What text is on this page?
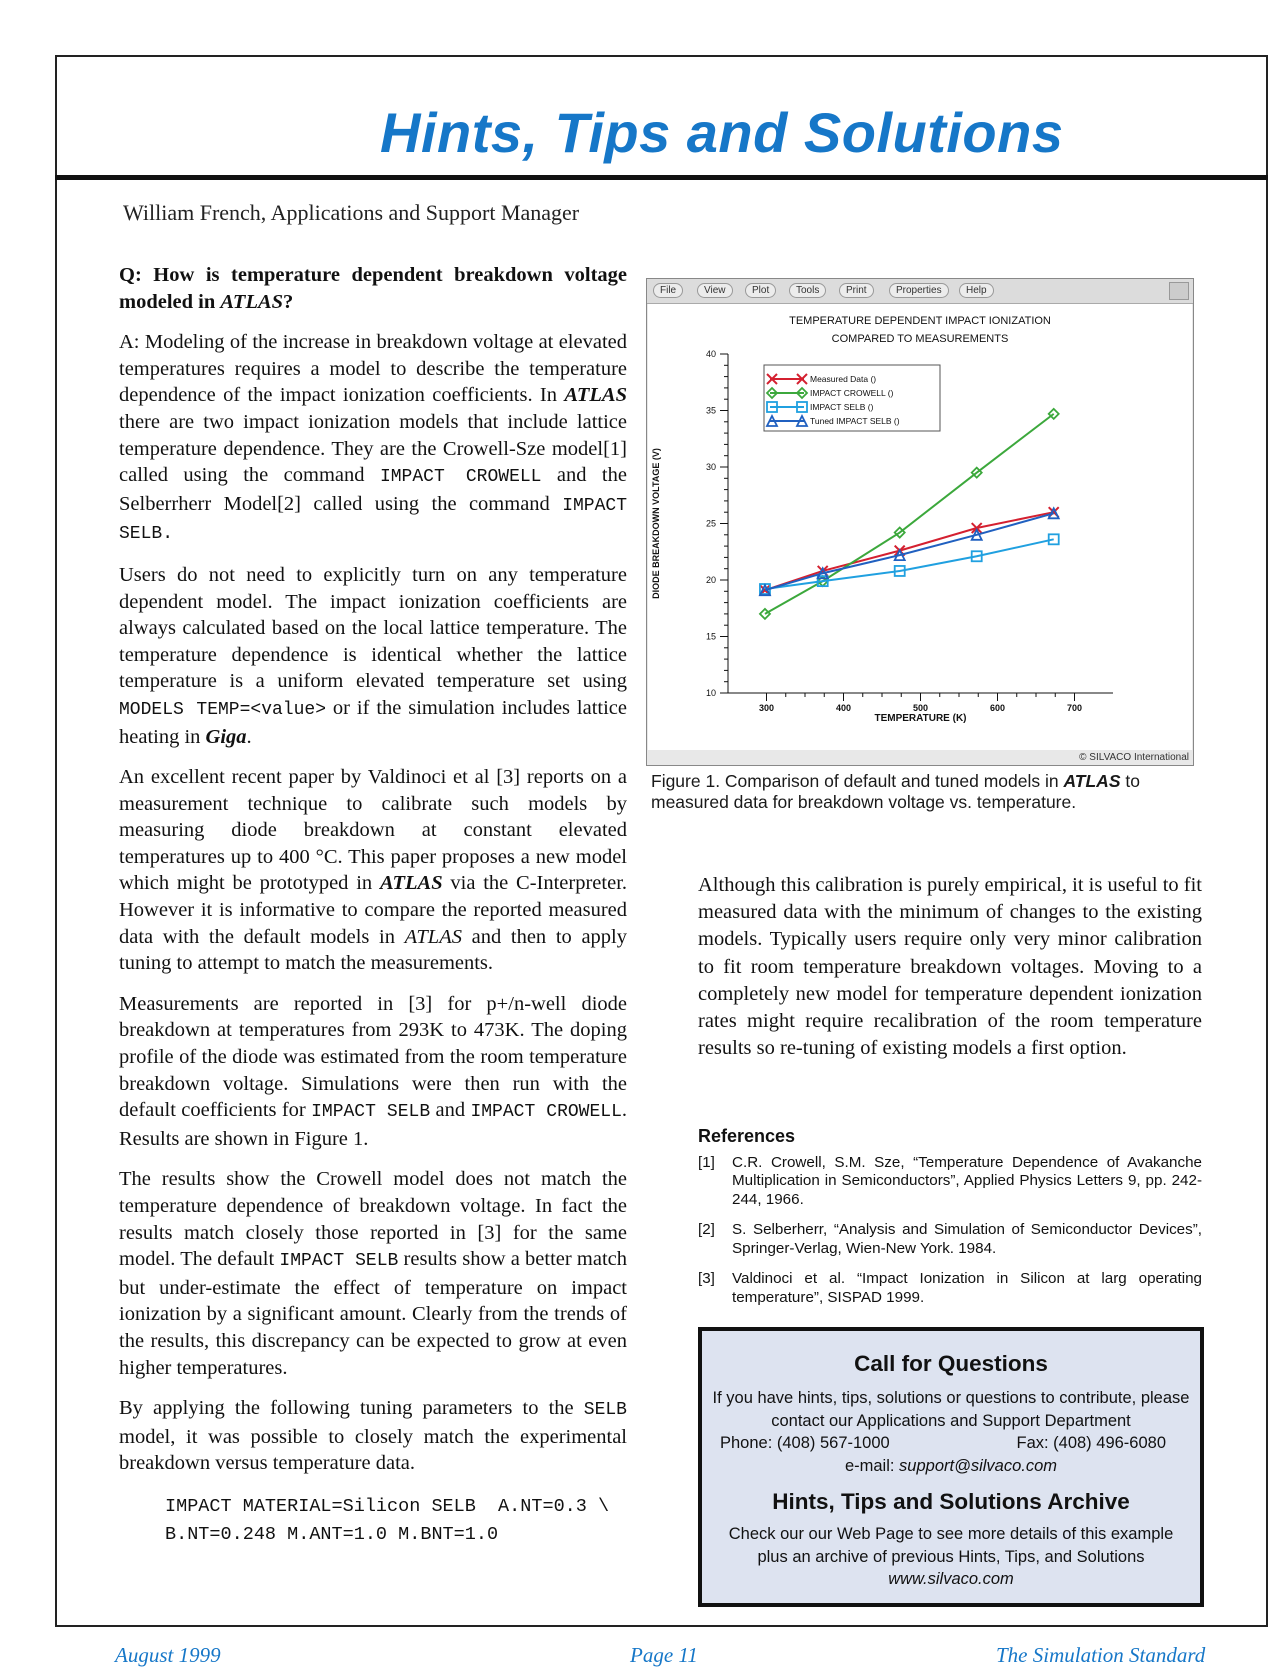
Hints, Tips and Solutions
William French, Applications and Support Manager

Q: How is temperature dependent breakdown voltage modeled in ATLAS?

A: Modeling of the increase in breakdown voltage at elevated temperatures requires a model to describe the temperature dependence of the impact ionization coefficients. In ATLAS there are two impact ionization models that include lattice temperature dependence. They are the Crowell-Sze model[1] called using the command IMPACT CROWELL and the Selberrherr Model[2] called using the command IMPACT SELB.

Users do not need to explicitly turn on any temperature dependent model. The impact ionization coefficients are always calculated based on the local lattice temperature. The temperature dependence is identical whether the lattice temperature is a uniform elevated temperature set using MODELS TEMP=<value> or if the simulation includes lattice heating in Giga.

An excellent recent paper by Valdinoci et al [3] reports on a measurement technique to calibrate such models by measuring diode breakdown at constant elevated temperatures up to 400 °C. This paper proposes a new model which might be prototyped in ATLAS via the C-Interpreter. However it is informative to compare the reported measured data with the default models in ATLAS and then to apply tuning to attempt to match the measurements.

Measurements are reported in [3] for p+/n-well diode breakdown at temperatures from 293K to 473K. The doping profile of the diode was estimated from the room temperature breakdown voltage. Simulations were then run with the default coefficients for IMPACT SELB and IMPACT CROWELL. Results are shown in Figure 1.

The results show the Crowell model does not match the temperature dependence of breakdown voltage. In fact the results match closely those reported in [3] for the same model. The default IMPACT SELB results show a better match but under-estimate the effect of temperature on impact ionization by a significant amount. Clearly from the trends of the results, this discrepancy can be expected to grow at even higher temperatures.

By applying the following tuning parameters to the SELB model, it was possible to closely match the experimental breakdown versus temperature data.

IMPACT MATERIAL=Silicon SELB  A.NT=0.3 \
B.NT=0.248 M.ANT=1.0 M.BNT=1.0
File	View	Plot	Tools	Print	Properties	Help
TEMPERATURE DEPENDENT IMPACT IONIZATION
COMPARED TO MEASUREMENTS
10
15
20
25
30
35
40
300	400	500	600	700
TEMPERATURE (K)
DIODE BREAKDOWN VOLTAGE (V)
Measured Data ()
IMPACT CROWELL ()
IMPACT SELB ()
Tuned IMPACT SELB ()
© SILVACO International
Figure 1. Comparison of default and tuned models in ATLAS to measured data for breakdown voltage vs. temperature.

Although this calibration is purely empirical, it is useful to fit measured data with the minimum of changes to the existing models. Typically users require only very minor calibration to fit room temperature breakdown voltages. Moving to a completely new model for temperature dependent ionization rates might require recalibration of the room temperature results so re-tuning of existing models a first option.

References
[1]	C.R. Crowell, S.M. Sze, “Temperature Dependence of Avakanche Multiplication in Semiconductors”, Applied Physics Letters 9, pp. 242-244, 1966.
[2]	S. Selberherr, “Analysis and Simulation of Semiconductor Devices”, Springer-Verlag, Wien-New York. 1984.
[3]	Valdinoci et al. “Impact Ionization in Silicon at larg operating temperature”, SISPAD 1999.
Call for Questions
If you have hints, tips, solutions or questions to contribute, please contact our Applications and Support Department
Phone: (408) 567-1000	Fax: (408) 496-6080
e-mail: support@silvaco.com
Hints, Tips and Solutions Archive
Check our our Web Page to see more details of this example plus an archive of previous Hints, Tips, and Solutions
www.silvaco.com
August 1999	Page 11	The Simulation Standard
